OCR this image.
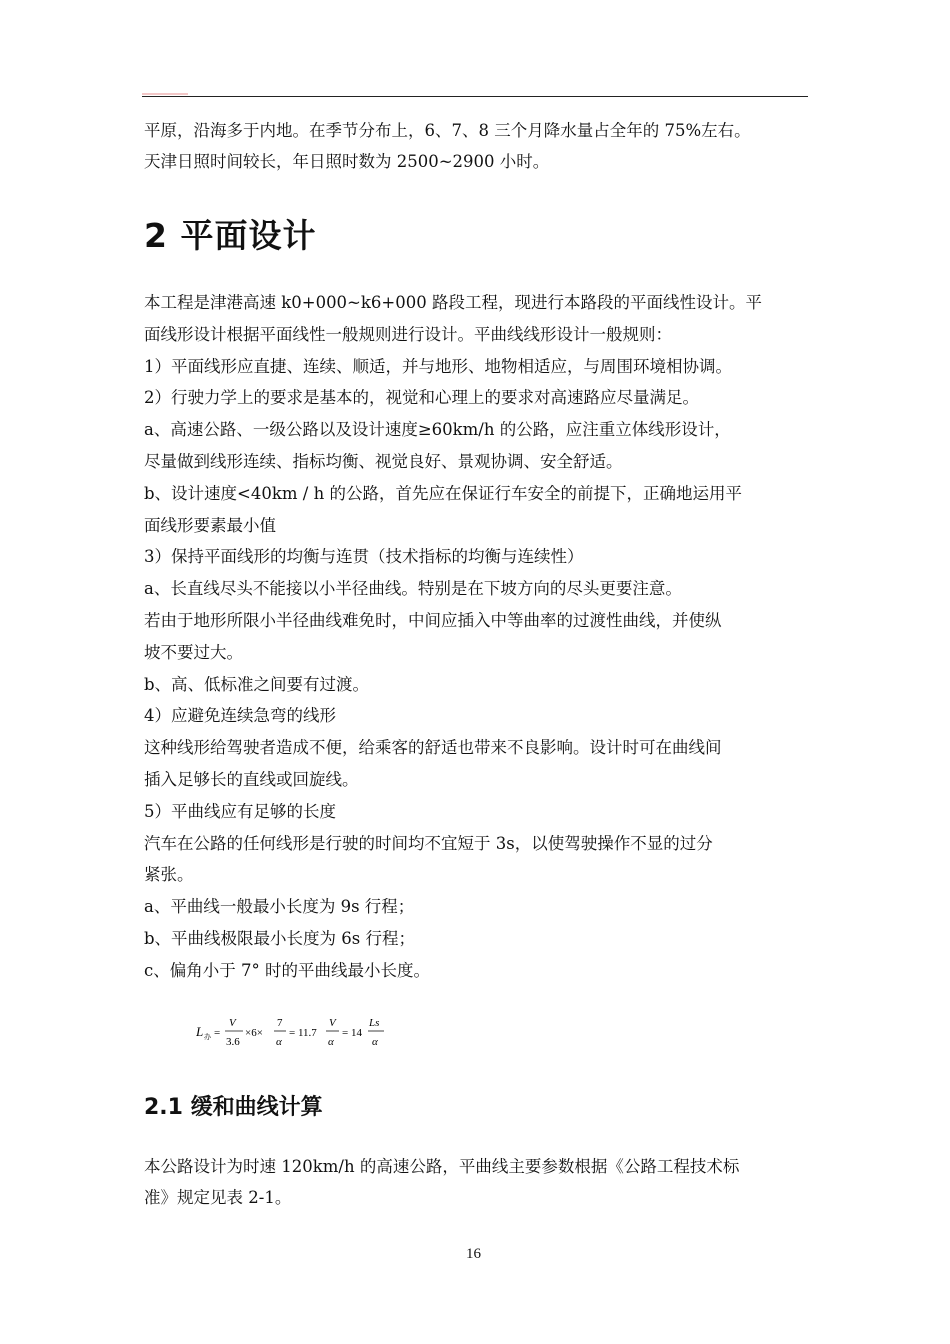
平原，沿海多于内地。在季节分布上，6、7、8 三个月降水量占全年的 75%左右。
天津日照时间较长，年日照时数为 2500~2900 小时。
2 平面设计
本工程是津港高速 k0+000~k6+000 路段工程，现进行本路段的平面线性设计。平
面线形设计根据平面线性一般规则进行设计。平曲线线形设计一般规则：
1）平面线形应直捷、连续、顺适，并与地形、地物相适应，与周围环境相协调。
2）行驶力学上的要求是基本的，视觉和心理上的要求对高速路应尽量满足。
a、高速公路、一级公路以及设计速度≥60km/h 的公路，应注重立体线形设计，
尽量做到线形连续、指标均衡、视觉良好、景观协调、安全舒适。
b、设计速度<40km / h 的公路，首先应在保证行车安全的前提下，正确地运用平
面线形要素最小值
3）保持平面线形的均衡与连贯（技术指标的均衡与连续性）
a、长直线尽头不能接以小半径曲线。特别是在下坡方向的尽头更要注意。
若由于地形所限小半径曲线难免时，中间应插入中等曲率的过渡性曲线，并使纵
坡不要过大。
b、高、低标准之间要有过渡。
4）应避免连续急弯的线形
这种线形给驾驶者造成不便，给乘客的舒适也带来不良影响。设计时可在曲线间
插入足够长的直线或回旋线。
5）平曲线应有足够的长度
汽车在公路的任何线形是行驶的时间均不宜短于 3s，以使驾驶操作不显的过分
紧张。
a、平曲线一般最小长度为 9s 行程；
b、平曲线极限最小长度为 6s 行程；
c、偏角小于 7° 时的平曲线最小长度。
L 办 =
V
3.6
×6×
7
α
= 11.7
V
α
= 14
Ls
α
2.1 缓和曲线计算
本公路设计为时速 120km/h 的高速公路，平曲线主要参数根据《公路工程技术标
准》规定见表 2-1。
16
